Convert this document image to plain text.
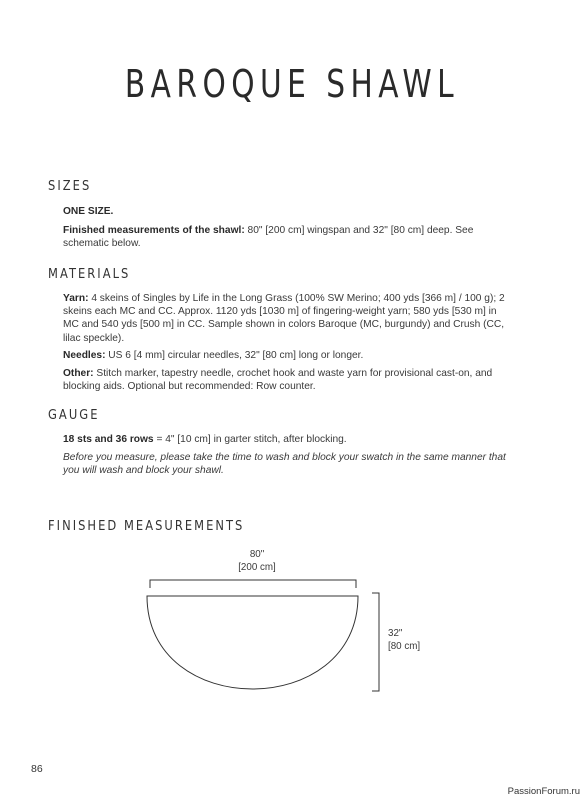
BAROQUE SHAWL
SIZES

ONE SIZE.

Finished measurements of the shawl: 80" [200 cm] wingspan and 32" [80 cm] deep. See schematic below.

MATERIALS

Yarn: 4 skeins of Singles by Life in the Long Grass (100% SW Merino; 400 yds [366 m] / 100 g); 2 skeins each MC and CC. Approx. 1120 yds [1030 m] of fingering-weight yarn; 580 yds [530 m] in MC and 540 yds [500 m] in CC. Sample shown in colors Baroque (MC, burgundy) and Crush (CC, lilac speckle).

Needles: US 6 [4 mm] circular needles, 32" [80 cm] long or longer.

Other: Stitch marker, tapestry needle, crochet hook and waste yarn for provisional cast-on, and blocking aids. Optional but recommended: Row counter.

GAUGE

18 sts and 36 rows = 4" [10 cm] in garter stitch, after blocking.

Before you measure, please take the time to wash and block your swatch in the same manner that you will wash and block your shawl.

FINISHED MEASUREMENTS
80"
[200 cm]
32"
[80 cm]
86
PassionForum.ru
